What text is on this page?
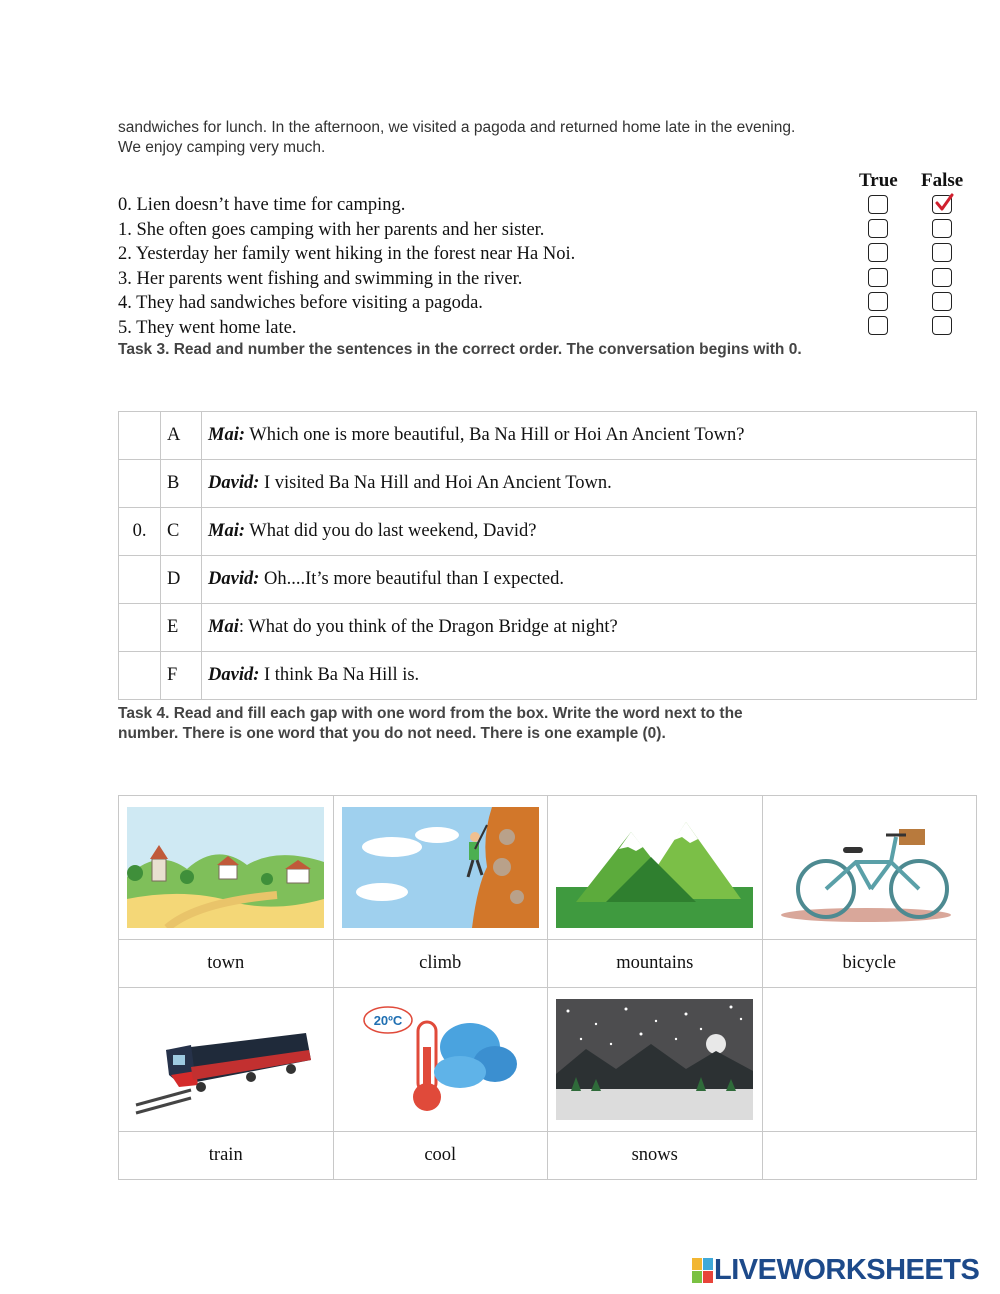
sandwiches for lunch. In the afternoon, we visited a pagoda and returned home late in the evening.
We enjoy camping very much.
True False
0. Lien doesn’t have time for camping.
1. She often goes camping with her parents and her sister.
2. Yesterday her family went hiking in the forest near Ha Noi.
3. Her parents went fishing and swimming in the river.
4. They had sandwiches before visiting a pagoda.
5. They went home late.
Task 3. Read and number the sentences in the correct order. The conversation begins with 0.
	A	Mai: Which one is more beautiful, Ba Na Hill or Hoi An Ancient Town?
	B	David: I visited Ba Na Hill and Hoi An Ancient Town.
0.	C	Mai: What did you do last weekend, David?
	D	David: Oh....It’s more beautiful than I expected.
	E	Mai: What do you think of the Dragon Bridge at night?
	F	David: I think Ba Na Hill is.
Task 4. Read and fill each gap with one word from the box. Write the word next to the
number. There is one word that you do not need. There is one example (0).

town	climb	mountains	bicycle

20ºC

train	cool	snows	
LIVEWORKSHEETS
